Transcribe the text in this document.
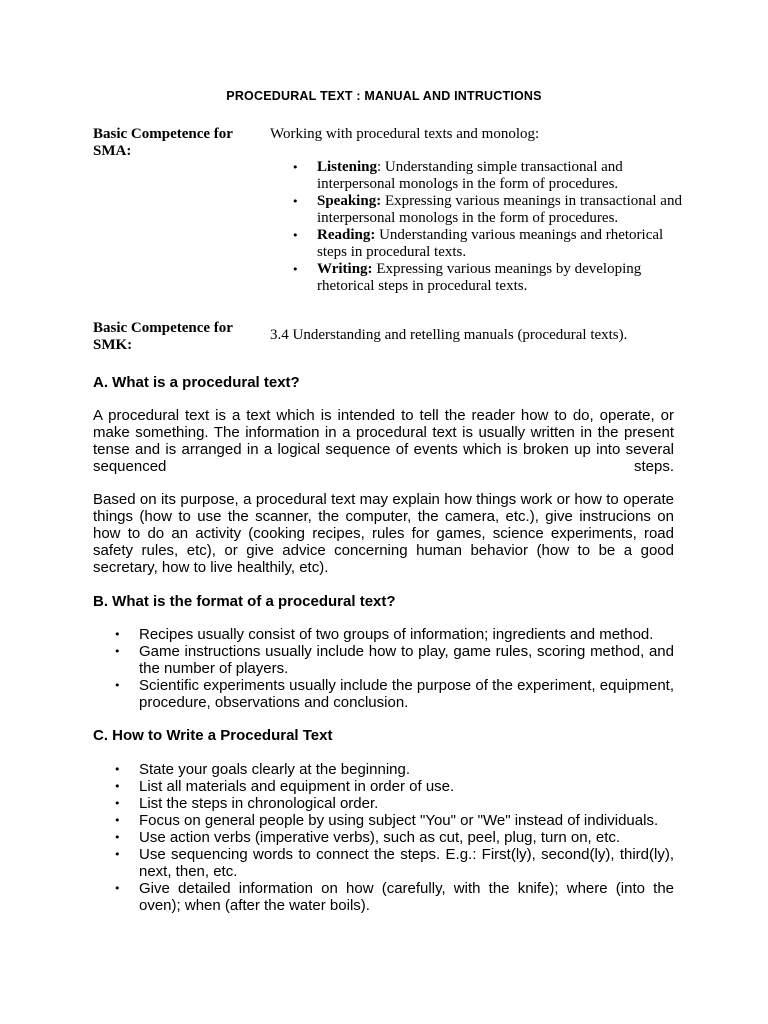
PROCEDURAL TEXT : MANUAL AND INTRUCTIONS
Basic Competence for SMA:
Working with procedural texts and monolog:
• Listening: Understanding simple transactional and interpersonal monologs in the form of procedures.
• Speaking: Expressing various meanings in transactional and interpersonal monologs in the form of procedures.
• Reading: Understanding various meanings and rhetorical steps in procedural texts.
• Writing: Expressing various meanings by developing rhetorical steps in procedural texts.
Basic Competence for SMK:
3.4 Understanding and retelling manuals (procedural texts).
A. What is a procedural text?

A procedural text is a text which is intended to tell the reader how to do, operate, or make something. The information in a procedural text is usually written in the present tense and is arranged in a logical sequence of events which is broken up into several sequenced steps.

Based on its purpose, a procedural text may explain how things work or how to operate things (how to use the scanner, the computer, the camera, etc.), give instrucions on how to do an activity (cooking recipes, rules for games, science experiments, road safety rules, etc), or give advice concerning human behavior (how to be a good secretary, how to live healthily, etc).

B. What is the format of a procedural text?
• Recipes usually consist of two groups of information; ingredients and method.
• Game instructions usually include how to play, game rules, scoring method, and the number of players.
• Scientific experiments usually include the purpose of the experiment, equipment, procedure, observations and conclusion.
C. How to Write a Procedural Text
• State your goals clearly at the beginning.
• List all materials and equipment in order of use.
• List the steps in chronological order.
• Focus on general people by using subject "You" or "We" instead of individuals.
• Use action verbs (imperative verbs), such as cut, peel, plug, turn on, etc.
• Use sequencing words to connect the steps. E.g.: First(ly), second(ly), third(ly), next, then, etc.
• Give detailed information on how (carefully, with the knife); where (into the oven); when (after the water boils).
